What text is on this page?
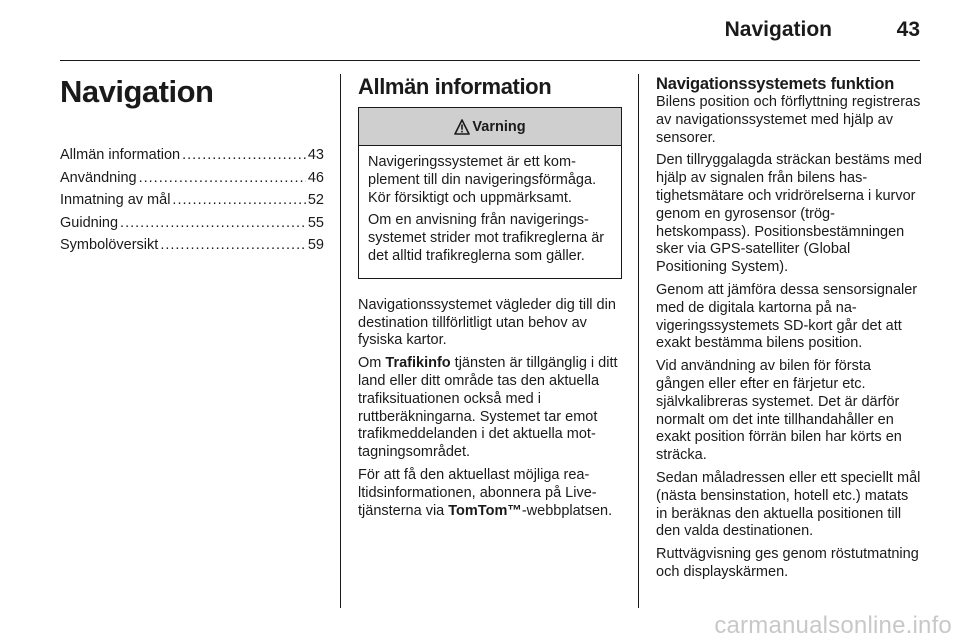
Navigation	43
Navigation
Allmän information .....	43
Användning .....	46
Inmatning av mål .....	52
Guidning .....	55
Symbolöversikt .....	59
Allmän information
Varning

Navigeringssystemet är ett komplement till din navigeringsförmåga. Kör försiktigt och uppmärksamt.

Om en anvisning från navigeringssystemet strider mot trafikreglerna är det alltid trafikreglerna som gäller.

Navigationssystemet vägleder dig till din destination tillförlitligt utan behov av fysiska kartor.

Om Trafikinfo tjänsten är tillgänglig i ditt land eller ditt område tas den aktuella trafiksituationen också med i ruttberäkningarna. Systemet tar emot trafikmeddelanden i det aktuella mottagningsområdet.

För att få den aktuellast möjliga realtidsinformationen, abonnera på Live-tjänsterna via TomTom™-webbplatsen.

Navigationssystemets funktion

Bilens position och förflyttning registreras av navigationssystemet med hjälp av sensorer.

Den tillryggalagda sträckan bestäms med hjälp av signalen från bilens hastighetsmätare och vridrörelserna i kurvor genom en gyrosensor (tröghetskompass). Positionsbestämningen sker via GPS-satelliter (Global Positioning System).

Genom att jämföra dessa sensorsignaler med de digitala kartorna på navigeringssystemets SD-kort går det att exakt bestämma bilens position.

Vid användning av bilen för första gången eller efter en färjetur etc. självkalibreras systemet. Det är därför normalt om det inte tillhandahåller en exakt position förrän bilen har körts en sträcka.

Sedan måladressen eller ett speciellt mål (nästa bensinstation, hotell etc.) matats in beräknas den aktuella positionen till den valda destinationen.

Ruttvägvisning ges genom röstutmatning och displayskärmen.

carmanualsonline.info
